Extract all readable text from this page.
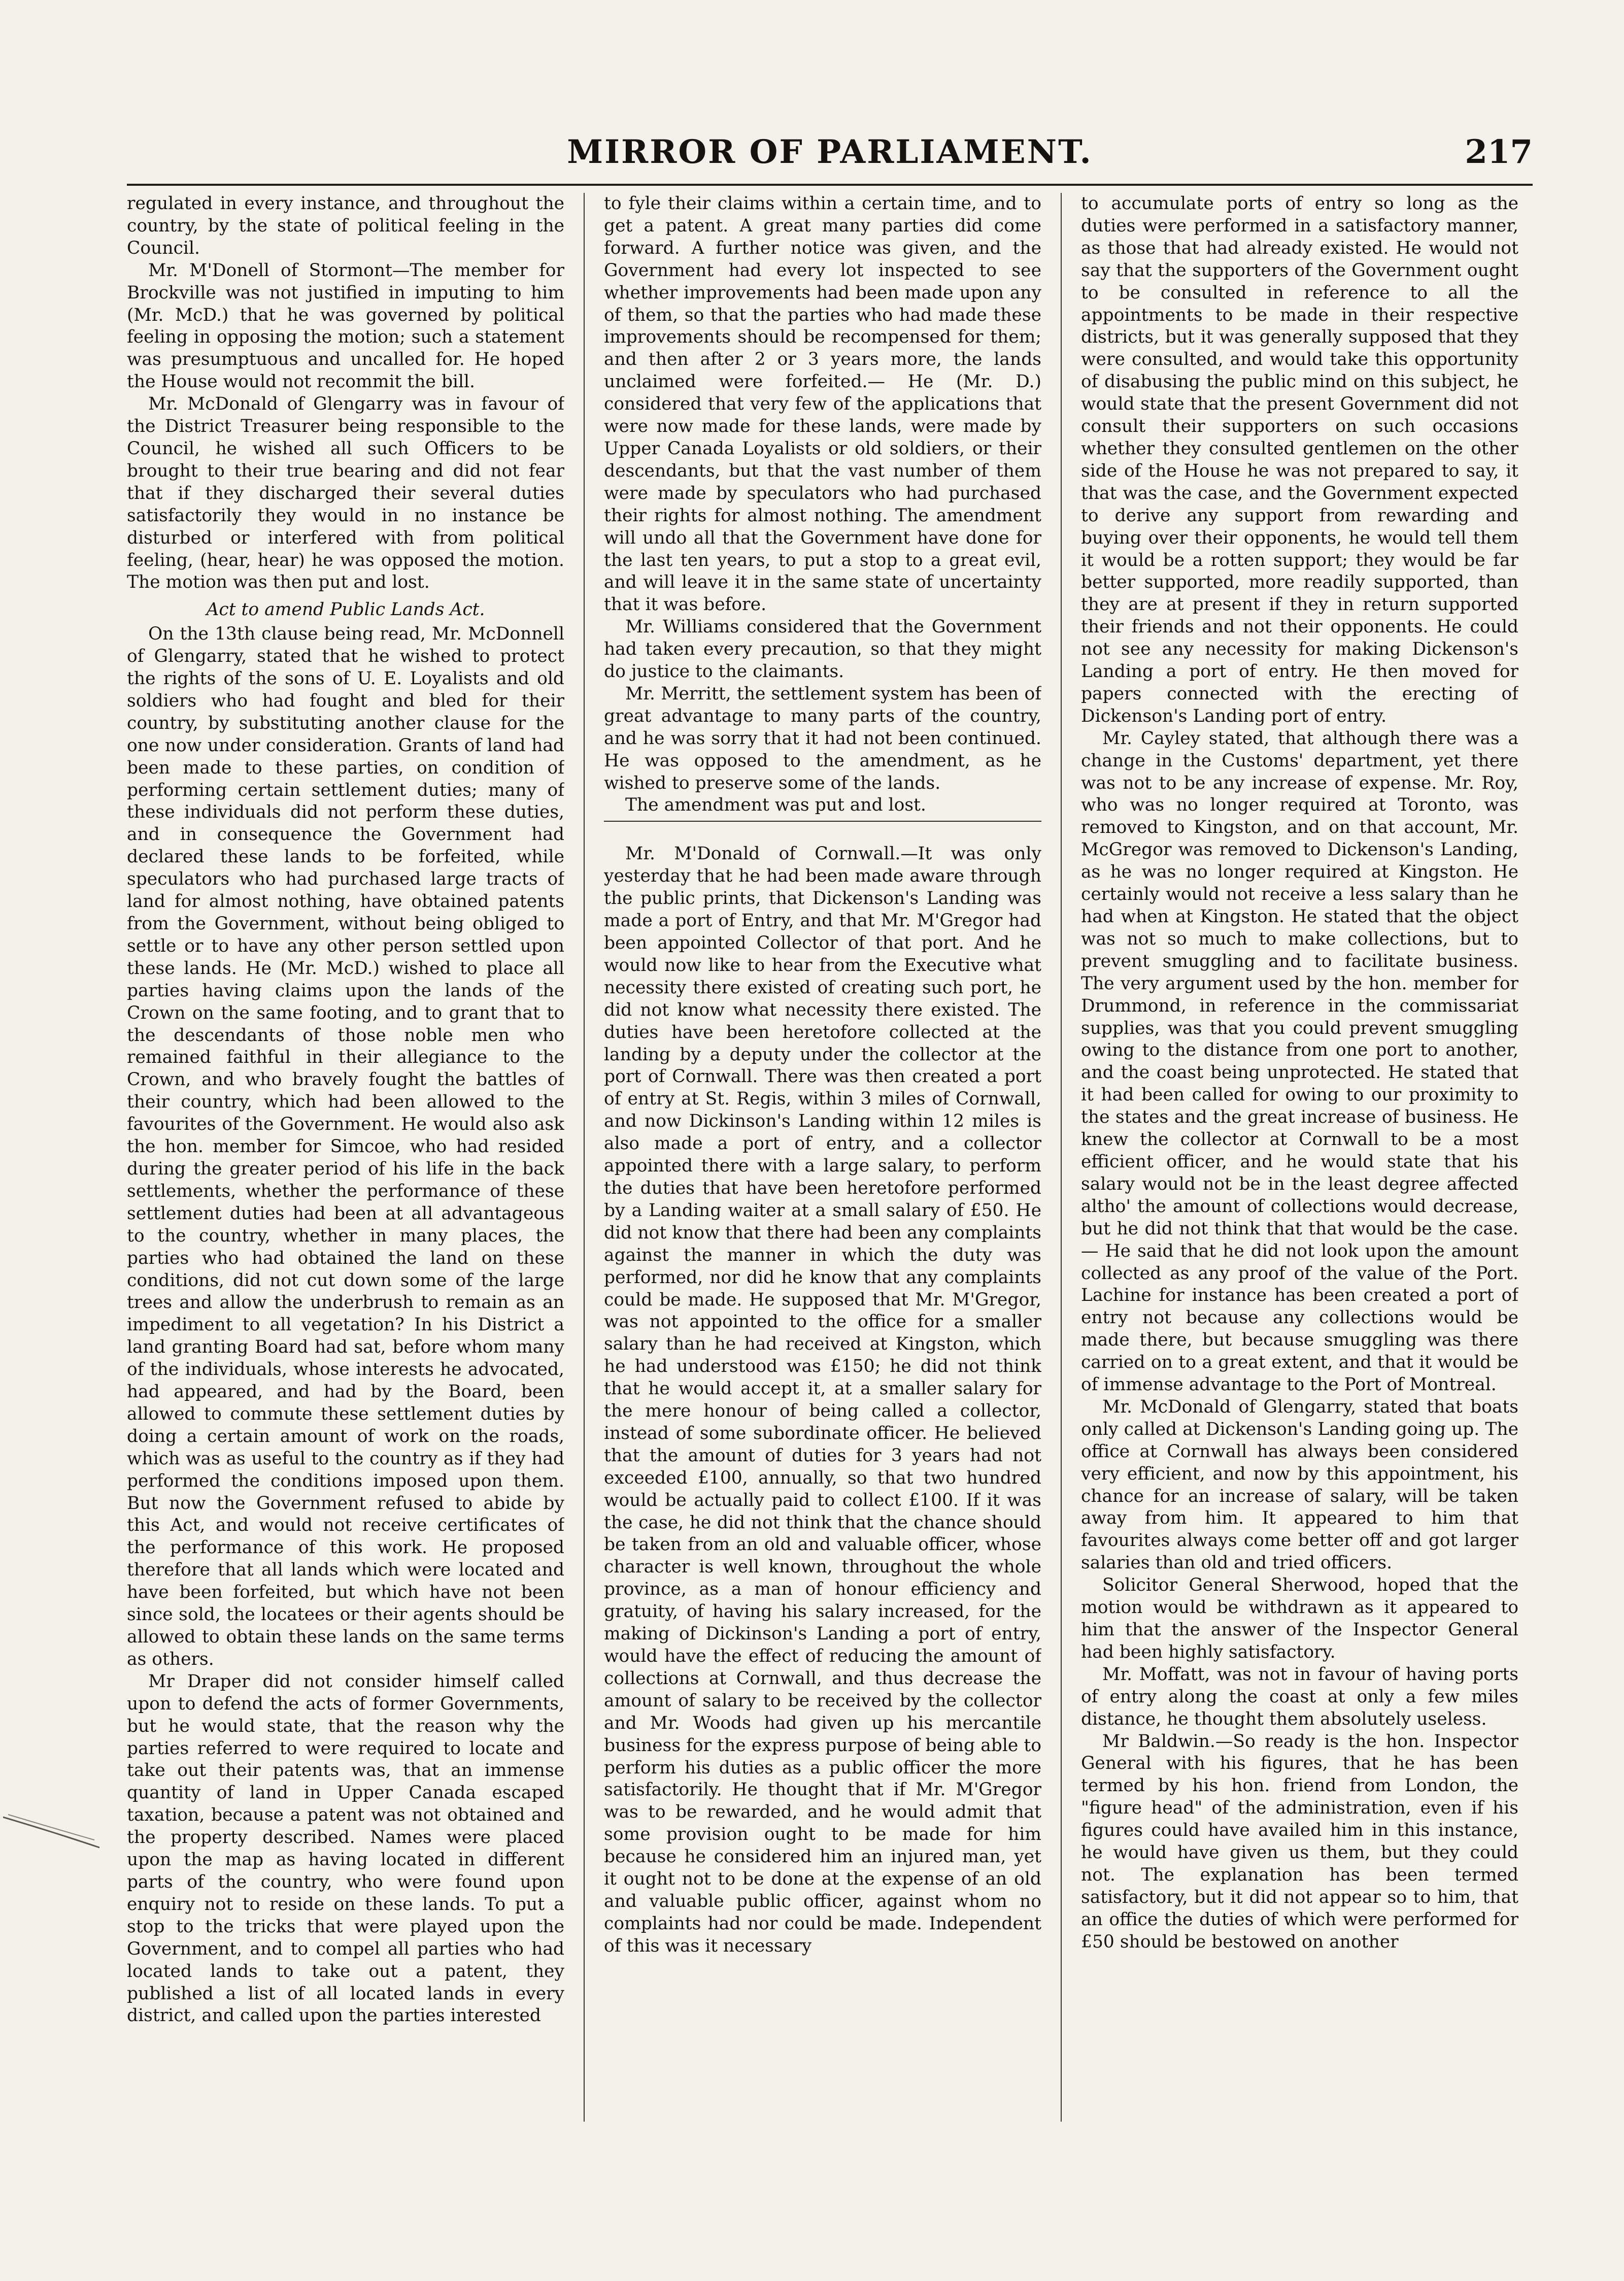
MIRROR OF PARLIAMENT.	217

regulated in every instance, and throughout the country, by the state of political feeling in the Council.

Mr. M'Donell of Stormont—The member for Brockville was not justified in imputing to him (Mr. McD.) that he was governed by political feeling in opposing the motion; such a statement was presumptuous and uncalled for. He hoped the House would not recommit the bill.

Mr. McDonald of Glengarry was in favour of the District Treasurer being responsible to the Council, he wished all such Officers to be brought to their true bearing and did not fear that if they discharged their several duties satisfactorily they would in no instance be disturbed or interfered with from political feeling, (hear, hear) he was opposed the motion. The motion was then put and lost.

Act to amend Public Lands Act.

On the 13th clause being read, Mr. McDonnell of Glengarry, stated that he wished to protect the rights of the sons of U. E. Loyalists and old soldiers who had fought and bled for their country, by substituting another clause for the one now under consideration. Grants of land had been made to these parties, on condition of performing certain settlement duties; many of these individuals did not perform these duties, and in consequence the Government had declared these lands to be forfeited, while speculators who had purchased large tracts of land for almost nothing, have obtained patents from the Government, without being obliged to settle or to have any other person settled upon these lands. He (Mr. McD.) wished to place all parties having claims upon the lands of the Crown on the same footing, and to grant that to the descendants of those noble men who remained faithful in their allegiance to the Crown, and who bravely fought the battles of their country, which had been allowed to the favourites of the Government. He would also ask the hon. member for Simcoe, who had resided during the greater period of his life in the back settlements, whether the performance of these settlement duties had been at all advantageous to the country, whether in many places, the parties who had obtained the land on these conditions, did not cut down some of the large trees and allow the underbrush to remain as an impediment to all vegetation? In his District a land granting Board had sat, before whom many of the individuals, whose interests he advocated, had appeared, and had by the Board, been allowed to commute these settlement duties by doing a certain amount of work on the roads, which was as useful to the country as if they had performed the conditions imposed upon them. But now the Government refused to abide by this Act, and would not receive certificates of the performance of this work. He proposed therefore that all lands which were located and have been forfeited, but which have not been since sold, the locatees or their agents should be allowed to obtain these lands on the same terms as others.

Mr Draper did not consider himself called upon to defend the acts of former Governments, but he would state, that the reason why the parties referred to were required to locate and take out their patents was, that an immense quantity of land in Upper Canada escaped taxation, because a patent was not obtained and the property described. Names were placed upon the map as having located in different parts of the country, who were found upon enquiry not to reside on these lands. To put a stop to the tricks that were played upon the Government, and to compel all parties who had located lands to take out a patent, they published a list of all located lands in every district, and called upon the parties interested

to fyle their claims within a certain time, and to get a patent. A great many parties did come forward. A further notice was given, and the Government had every lot inspected to see whether improvements had been made upon any of them, so that the parties who had made these improvements should be recompensed for them; and then after 2 or 3 years more, the lands unclaimed were forfeited.— He (Mr. D.) considered that very few of the applications that were now made for these lands, were made by Upper Canada Loyalists or old soldiers, or their descendants, but that the vast number of them were made by speculators who had purchased their rights for almost nothing. The amendment will undo all that the Government have done for the last ten years, to put a stop to a great evil, and will leave it in the same state of uncertainty that it was before.

Mr. Williams considered that the Government had taken every precaution, so that they might do justice to the claimants.

Mr. Merritt, the settlement system has been of great advantage to many parts of the country, and he was sorry that it had not been continued. He was opposed to the amendment, as he wished to preserve some of the lands.

The amendment was put and lost.

Mr. M'Donald of Cornwall.—It was only yesterday that he had been made aware through the public prints, that Dickenson's Landing was made a port of Entry, and that Mr. M'Gregor had been appointed Collector of that port. And he would now like to hear from the Executive what necessity there existed of creating such port, he did not know what necessity there existed. The duties have been heretofore collected at the landing by a deputy under the collector at the port of Cornwall. There was then created a port of entry at St. Regis, within 3 miles of Cornwall, and now Dickinson's Landing within 12 miles is also made a port of entry, and a collector appointed there with a large salary, to perform the duties that have been heretofore performed by a Landing waiter at a small salary of £50. He did not know that there had been any complaints against the manner in which the duty was performed, nor did he know that any complaints could be made. He supposed that Mr. M'Gregor, was not appointed to the office for a smaller salary than he had received at Kingston, which he had understood was £150; he did not think that he would accept it, at a smaller salary for the mere honour of being called a collector, instead of some subordinate officer. He believed that the amount of duties for 3 years had not exceeded £100, annually, so that two hundred would be actually paid to collect £100. If it was the case, he did not think that the chance should be taken from an old and valuable officer, whose character is well known, throughout the whole province, as a man of honour efficiency and gratuity, of having his salary increased, for the making of Dickinson's Landing a port of entry, would have the effect of reducing the amount of collections at Cornwall, and thus decrease the amount of salary to be received by the collector and Mr. Woods had given up his mercantile business for the express purpose of being able to perform his duties as a public officer the more satisfactorily. He thought that if Mr. M'Gregor was to be rewarded, and he would admit that some provision ought to be made for him because he considered him an injured man, yet it ought not to be done at the expense of an old and valuable public officer, against whom no complaints had nor could be made. Independent of this was it necessary

to accumulate ports of entry so long as the duties were performed in a satisfactory manner, as those that had already existed. He would not say that the supporters of the Government ought to be consulted in reference to all the appointments to be made in their respective districts, but it was generally supposed that they were consulted, and would take this opportunity of disabusing the public mind on this subject, he would state that the present Government did not consult their supporters on such occasions whether they consulted gentlemen on the other side of the House he was not prepared to say, it that was the case, and the Government expected to derive any support from rewarding and buying over their opponents, he would tell them it would be a rotten support; they would be far better supported, more readily supported, than they are at present if they in return supported their friends and not their opponents. He could not see any necessity for making Dickenson's Landing a port of entry. He then moved for papers connected with the erecting of Dickenson's Landing port of entry.

Mr. Cayley stated, that although there was a change in the Customs' department, yet there was not to be any increase of expense. Mr. Roy, who was no longer required at Toronto, was removed to Kingston, and on that account, Mr. McGregor was removed to Dickenson's Landing, as he was no longer required at Kingston. He certainly would not receive a less salary than he had when at Kingston. He stated that the object was not so much to make collections, but to prevent smuggling and to facilitate business. The very argument used by the hon. member for Drummond, in reference in the commissariat supplies, was that you could prevent smuggling owing to the distance from one port to another, and the coast being unprotected. He stated that it had been called for owing to our proximity to the states and the great increase of business. He knew the collector at Cornwall to be a most efficient officer, and he would state that his salary would not be in the least degree affected altho' the amount of collections would decrease, but he did not think that that would be the case.— He said that he did not look upon the amount collected as any proof of the value of the Port. Lachine for instance has been created a port of entry not because any collections would be made there, but because smuggling was there carried on to a great extent, and that it would be of immense advantage to the Port of Montreal.

Mr. McDonald of Glengarry, stated that boats only called at Dickenson's Landing going up. The office at Cornwall has always been considered very efficient, and now by this appointment, his chance for an increase of salary, will be taken away from him. It appeared to him that favourites always come better off and got larger salaries than old and tried officers.

Solicitor General Sherwood, hoped that the motion would be withdrawn as it appeared to him that the answer of the Inspector General had been highly satisfactory.

Mr. Moffatt, was not in favour of having ports of entry along the coast at only a few miles distance, he thought them absolutely useless.

Mr Baldwin.—So ready is the hon. Inspector General with his figures, that he has been termed by his hon. friend from London, the "figure head" of the administration, even if his figures could have availed him in this instance, he would have given us them, but they could not. The explanation has been termed satisfactory, but it did not appear so to him, that an office the duties of which were performed for £50 should be bestowed on another
